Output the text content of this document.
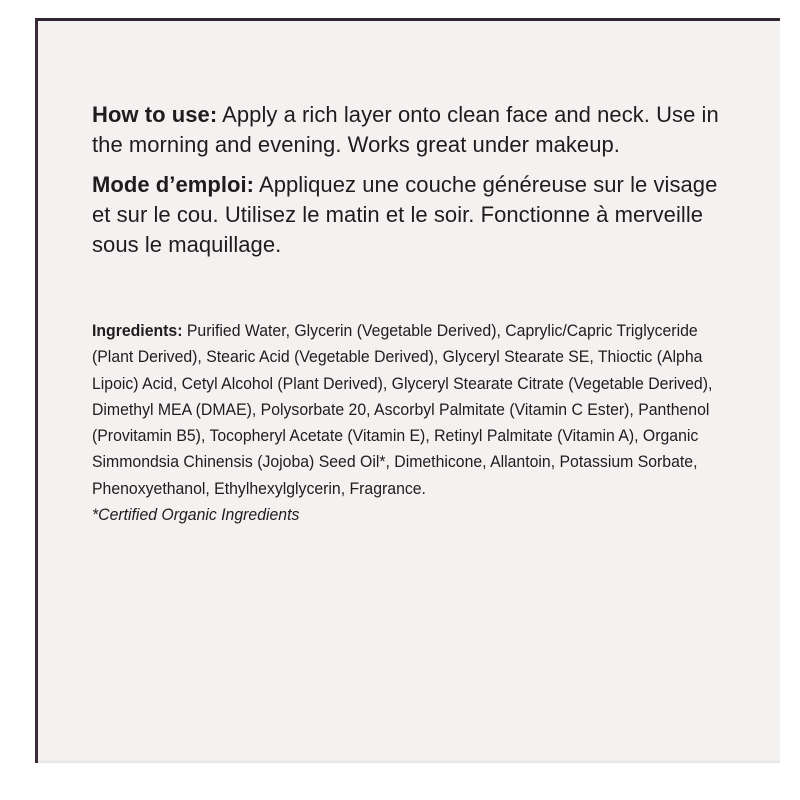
How to use: Apply a rich layer onto clean face and neck. Use in the morning and evening. Works great under makeup.

Mode d’emploi: Appliquez une couche généreuse sur le visage et sur le cou. Utilisez le matin et le soir. Fonctionne à merveille sous le maquillage.

Ingredients: Purified Water, Glycerin (Vegetable Derived), Caprylic/Capric Triglyceride (Plant Derived), Stearic Acid (Vegetable Derived), Glyceryl Stearate SE, Thioctic (Alpha Lipoic) Acid, Cetyl Alcohol (Plant Derived), Glyceryl Stearate Citrate (Vegetable Derived), Dimethyl MEA (DMAE), Polysorbate 20, Ascorbyl Palmitate (Vitamin C Ester), Panthenol (Provitamin B5), Tocopheryl Acetate (Vitamin E), Retinyl Palmitate (Vitamin A), Organic Simmondsia Chinensis (Jojoba) Seed Oil*, Dimethicone, Allantoin, Potassium Sorbate, Phenoxyethanol, Ethylhexylglycerin, Fragrance.

*Certified Organic Ingredients
